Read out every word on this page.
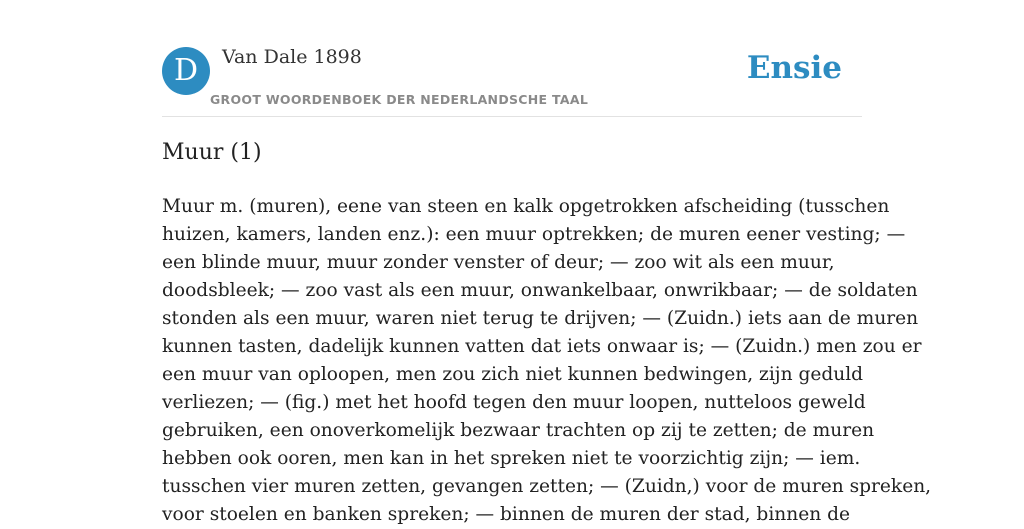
D	Van Dale 1898
GROOT WOORDENBOEK DER NEDERLANDSCHE TAAL
Ensie
Muur (1)
Muur m. (muren), eene van steen en kalk opgetrokken afscheiding (tusschen
huizen, kamers, landen enz.): een muur optrekken; de muren eener vesting; —
een blinde muur, muur zonder venster of deur; — zoo wit als een muur,
doodsbleek; — zoo vast als een muur, onwankelbaar, onwrikbaar; — de soldaten
stonden als een muur, waren niet terug te drijven; — (Zuidn.) iets aan de muren
kunnen tasten, dadelijk kunnen vatten dat iets onwaar is; — (Zuidn.) men zou er
een muur van oploopen, men zou zich niet kunnen bedwingen, zijn geduld
verliezen; — (fig.) met het hoofd tegen den muur loopen, nutteloos geweld
gebruiken, een onoverkomelijk bezwaar trachten op zij te zetten; de muren
hebben ook ooren, men kan in het spreken niet te voorzichtig zijn; — iem.
tusschen vier muren zetten, gevangen zetten; — (Zuidn,) voor de muren spreken,
voor stoelen en banken spreken; — binnen de muren der stad, binnen de
